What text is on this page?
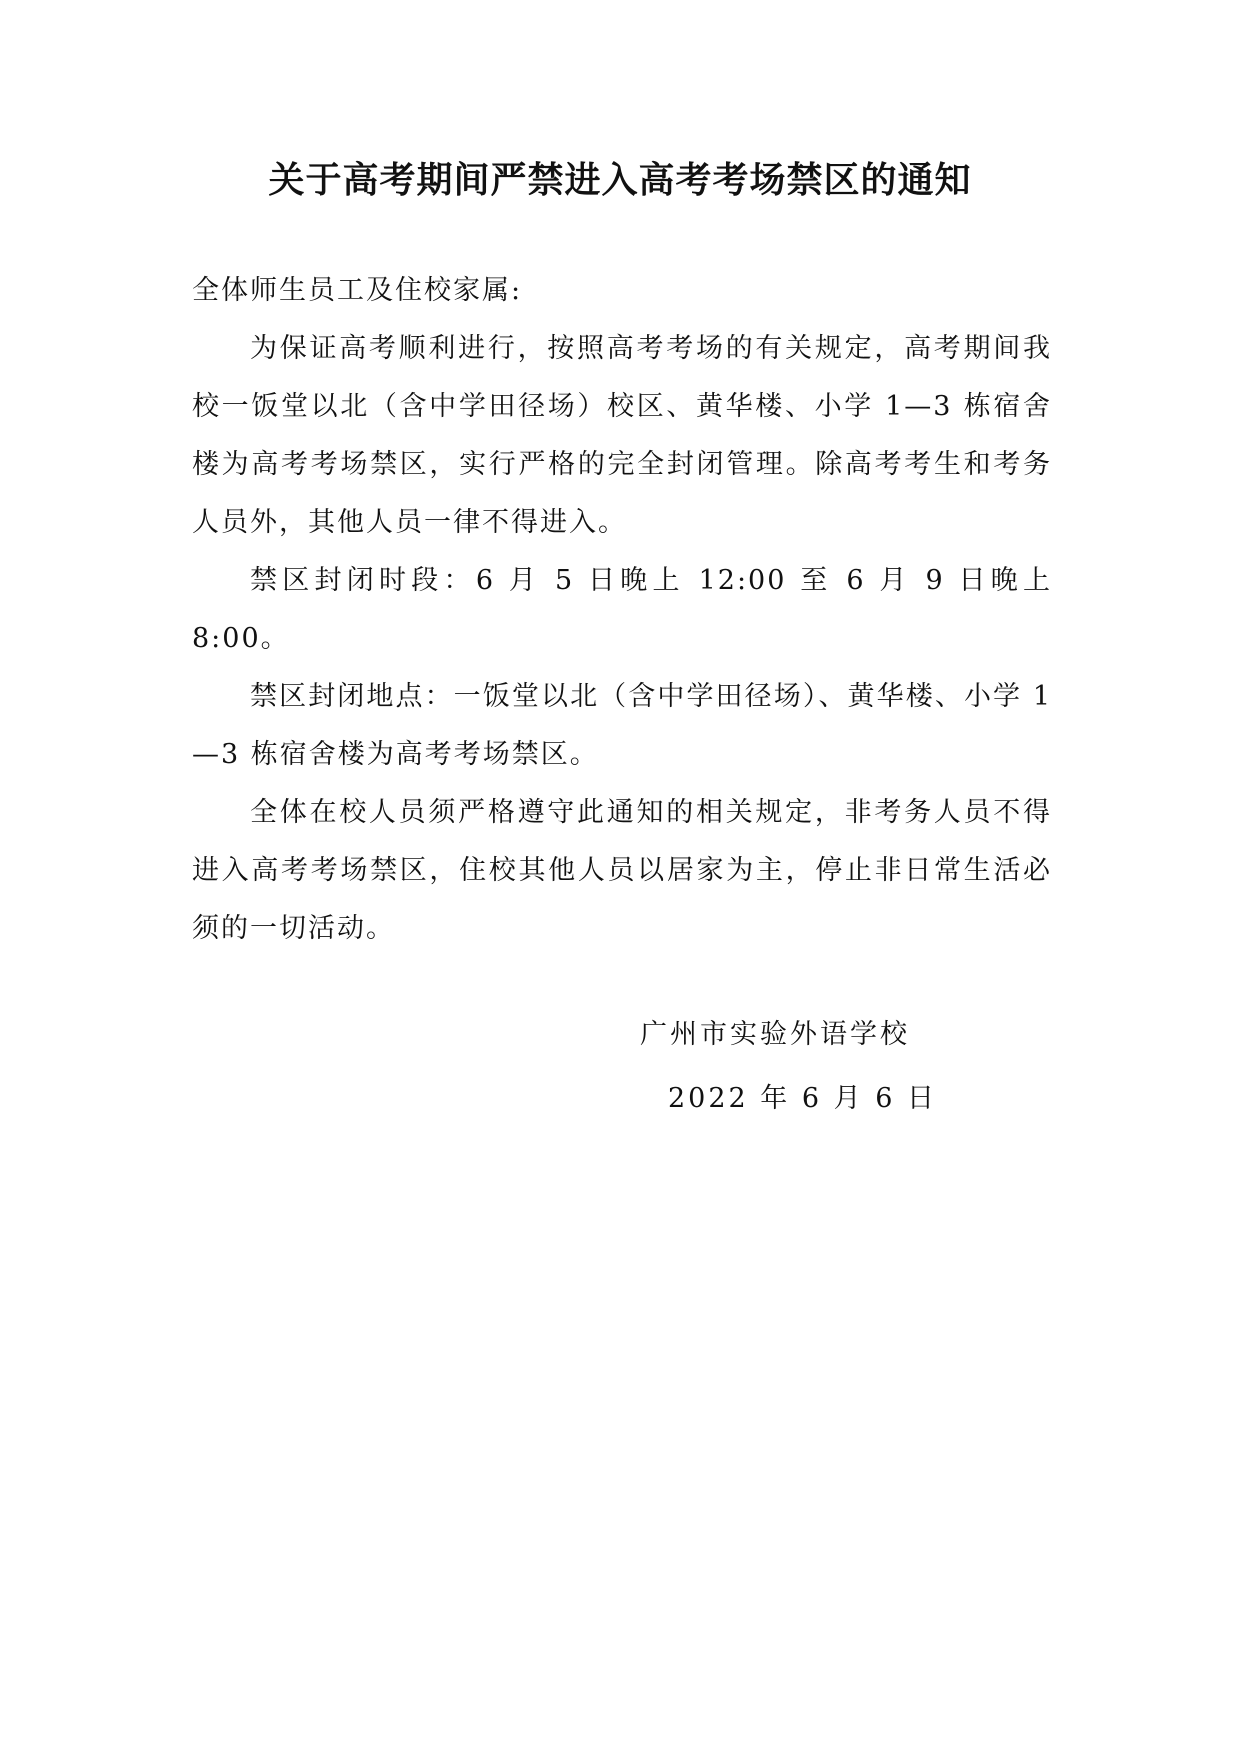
关于高考期间严禁进入高考考场禁区的通知

全体师生员工及住校家属:

为保证高考顺利进行，按照高考考场的有关规定，高考期间我校一饭堂以北（含中学田径场）校区、黄华楼、小学 1—3 栋宿舍楼为高考考场禁区，实行严格的完全封闭管理。除高考考生和考务人员外，其他人员一律不得进入。

禁区封闭时段：6 月 5 日晚上 12:00 至 6 月 9 日晚上 8:00。

禁区封闭地点：一饭堂以北（含中学田径场）、黄华楼、小学 1—3 栋宿舍楼为高考考场禁区。

全体在校人员须严格遵守此通知的相关规定，非考务人员不得进入高考考场禁区，住校其他人员以居家为主，停止非日常生活必须的一切活动。

广州市实验外语学校
2022 年 6 月 6 日
